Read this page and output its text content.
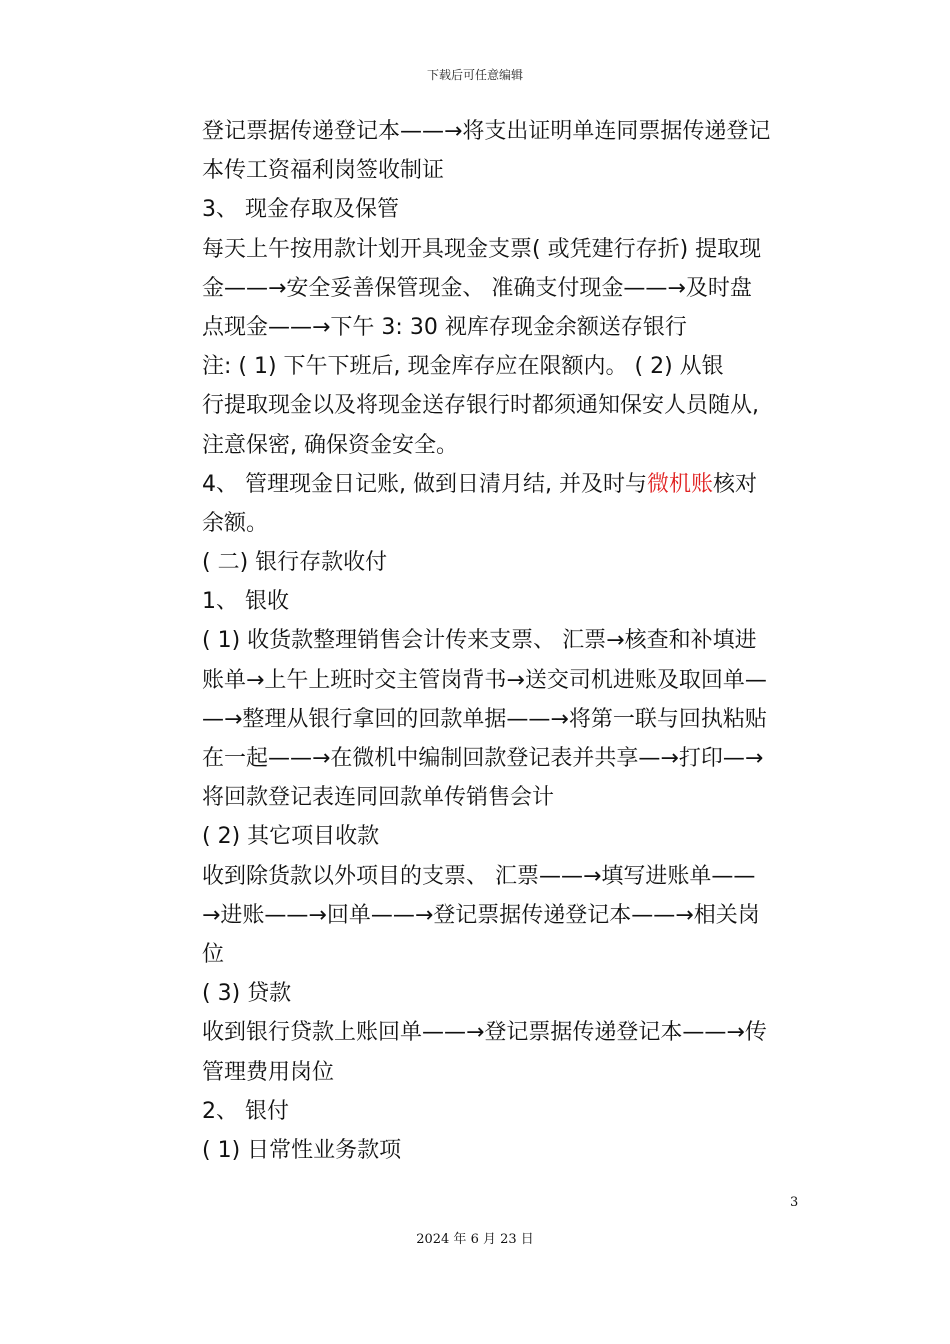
下载后可任意编辑
登记票据传递登记本——→将支出证明单连同票据传递登记
本传工资福利岗签收制证
3、 现金存取及保管
每天上午按用款计划开具现金支票( 或凭建行存折) 提取现
金——→安全妥善保管现金、 准确支付现金——→及时盘
点现金——→下午 3: 30 视库存现金余额送存银行
注: ( 1) 下午下班后, 现金库存应在限额内。 ( 2) 从银
行提取现金以及将现金送存银行时都须通知保安人员随从,
注意保密, 确保资金安全。
4、 管理现金日记账, 做到日清月结, 并及时与微机账核对
余额。
( 二) 银行存款收付
1、 银收
( 1) 收货款整理销售会计传来支票、 汇票→核查和补填进
账单→上午上班时交主管岗背书→送交司机进账及取回单—
—→整理从银行拿回的回款单据——→将第一联与回执粘贴
在一起——→在微机中编制回款登记表并共享—→打印—→
将回款登记表连同回款单传销售会计
( 2) 其它项目收款
收到除货款以外项目的支票、 汇票——→填写进账单——
→进账——→回单——→登记票据传递登记本——→相关岗
位
( 3) 贷款
收到银行贷款上账回单——→登记票据传递登记本——→传
管理费用岗位
2、 银付
( 1) 日常性业务款项
3
2024 年 6 月 23 日
